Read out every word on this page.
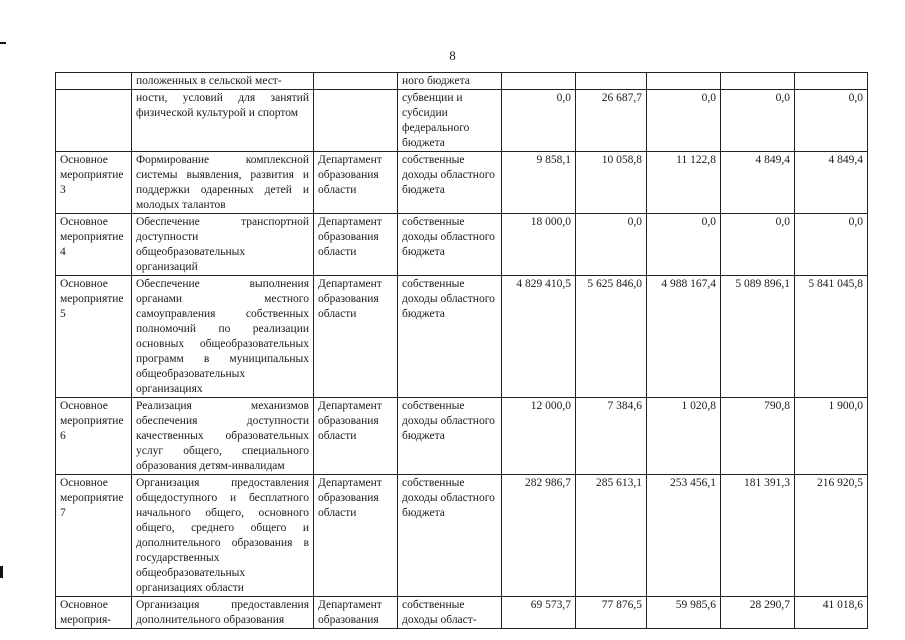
8
	положенных в сельской мест-		ного бюджета					
	ности, условий для занятий физической культурой и спортом		субвенции и субсидии федерального бюджета	0,0	26 687,7	0,0	0,0	0,0
Основное мероприятие 3	Формирование комплексной системы выявления, развития и поддержки одаренных детей и молодых талантов	Департамент образования области	собственные доходы областного бюджета	9 858,1	10 058,8	11 122,8	4 849,4	4 849,4
Основное мероприятие 4	Обеспечение транспортной доступности общеобразовательных организаций	Департамент образования области	собственные доходы областного бюджета	18 000,0	0,0	0,0	0,0	0,0
Основное мероприятие 5	Обеспечение выполнения органами местного самоуправления собственных полномочий по реализации основных общеобразовательных программ в муниципальных общеобразовательных организациях	Департамент образования области	собственные доходы областного бюджета	4 829 410,5	5 625 846,0	4 988 167,4	5 089 896,1	5 841 045,8
Основное мероприятие 6	Реализация механизмов обеспечения доступности качественных образовательных услуг общего, специального образования детям-инвалидам	Департамент образования области	собственные доходы областного бюджета	12 000,0	7 384,6	1 020,8	790,8	1 900,0
Основное мероприятие 7	Организация предоставления общедоступного и бесплатного начального общего, основного общего, среднего общего и дополнительного образования в государственных общеобразовательных организациях области	Департамент образования области	собственные доходы областного бюджета	282 986,7	285 613,1	253 456,1	181 391,3	216 920,5
Основное мероприя-	Организация предоставления дополнительного образования	Департамент образования	собственные доходы област-	69 573,7	77 876,5	59 985,6	28 290,7	41 018,6
